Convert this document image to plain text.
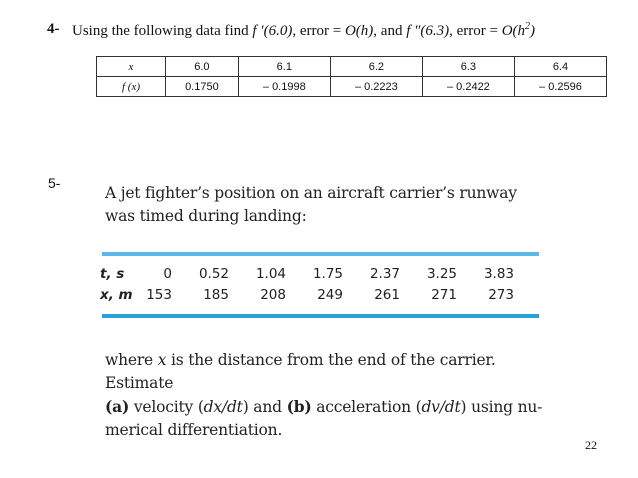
4- Using the following data find f ′(6.0), error = O(h), and f ″(6.3), error = $O(h^2)$
x	6.0	6.1	6.2	6.3	6.4
f (x)	0.1750	– 0.1998	– 0.2223	– 0.2422	– 0.2596
5-
A jet fighter’s position on an aircraft carrier’s runway
was timed during landing:
t, s	0	0.52	1.04	1.75	2.37	3.25	3.83
x, m	153	185	208	249	261	271	273
where x is the distance from the end of the carrier. Estimate
(a) velocity (dx/dt) and (b) acceleration (dv/dt) using nu-
merical differentiation.
22
